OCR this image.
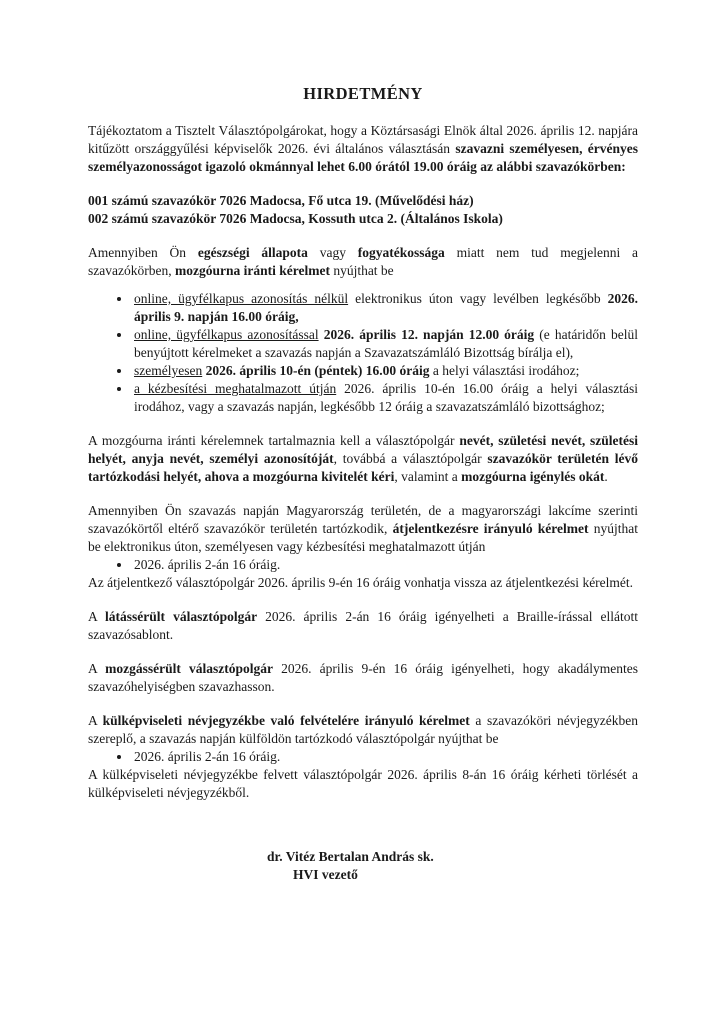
HIRDETMÉNY

Tájékoztatom a Tisztelt Választópolgárokat, hogy a Köztársasági Elnök által 2026. április 12. napjára kitűzött országgyűlési képviselők 2026. évi általános választásán szavazni személyesen, érvényes személyazonosságot igazoló okmánnyal lehet 6.00 órától 19.00 óráig az alábbi szavazókörben:

001 számú szavazókör 7026 Madocsa, Fő utca 19. (Művelődési ház)
002 számú szavazókör 7026 Madocsa, Kossuth utca 2. (Általános Iskola)

Amennyiben Ön egészségi állapota vagy fogyatékossága miatt nem tud megjelenni a szavazókörben, mozgóurna iránti kérelmet nyújthat be

• online, ügyfélkapus azonosítás nélkül elektronikus úton vagy levélben legkésőbb 2026. április 9. napján 16.00 óráig,
• online, ügyfélkapus azonosítással 2026. április 12. napján 12.00 óráig (e határidőn belül benyújtott kérelmeket a szavazás napján a Szavazatszámláló Bizottság bírálja el),
• személyesen 2026. április 10-én (péntek) 16.00 óráig a helyi választási irodához;
• a kézbesítési meghatalmazott útján 2026. április 10-én 16.00 óráig a helyi választási irodához, vagy a szavazás napján, legkésőbb 12 óráig a szavazatszámláló bizottsághoz;

A mozgóurna iránti kérelemnek tartalmaznia kell a választópolgár nevét, születési nevét, születési helyét, anyja nevét, személyi azonosítóját, továbbá a választópolgár szavazókör területén lévő tartózkodási helyét, ahova a mozgóurna kivitelét kéri, valamint a mozgóurna igénylés okát.

Amennyiben Ön szavazás napján Magyarország területén, de a magyarországi lakcíme szerinti szavazókörtől eltérő szavazókör területén tartózkodik, átjelentkezésre irányuló kérelmet nyújthat be elektronikus úton, személyesen vagy kézbesítési meghatalmazott útján

• 2026. április 2-án 16 óráig.

Az átjelentkező választópolgár 2026. április 9-én 16 óráig vonhatja vissza az átjelentkezési kérelmét.

A látássérült választópolgár 2026. április 2-án 16 óráig igényelheti a Braille-írással ellátott szavazósablont.

A mozgássérült választópolgár 2026. április 9-én 16 óráig igényelheti, hogy akadálymentes szavazóhelyiségben szavazhasson.

A külképviseleti névjegyzékbe való felvételére irányuló kérelmet a szavazóköri névjegyzékben szereplő, a szavazás napján külföldön tartózkodó választópolgár nyújthat be

• 2026. április 2-án 16 óráig.

A külképviseleti névjegyzékbe felvett választópolgár 2026. április 8-án 16 óráig kérheti törlését a külképviseleti névjegyzékből.

dr. Vitéz Bertalan András sk.
HVI vezető
